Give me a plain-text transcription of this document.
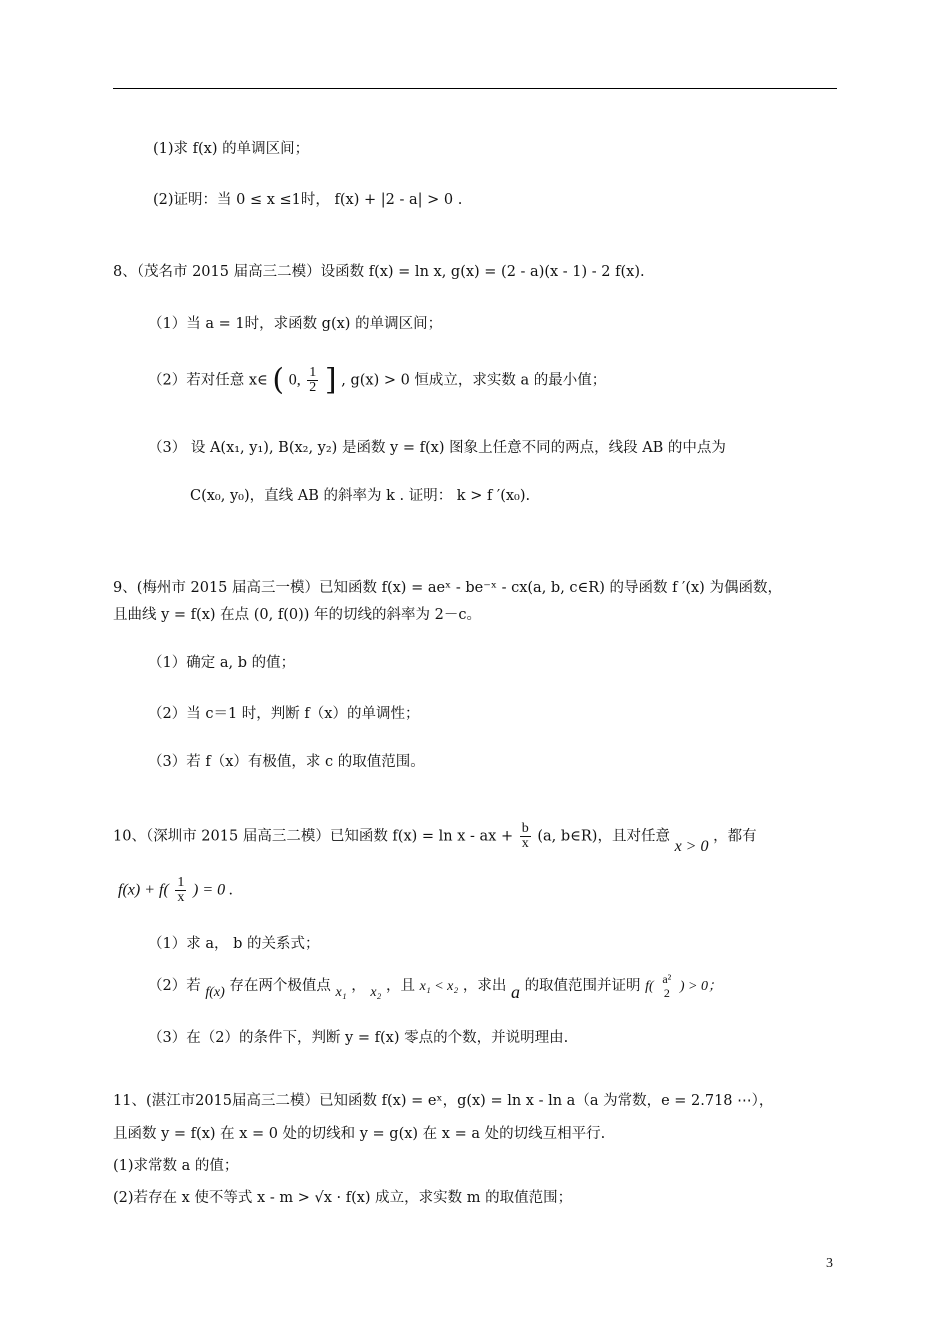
(1)求 f(x) 的单调区间；
(2)证明：当 0 ≤ x ≤1时， f(x) + |2 - a| > 0 .
8、（茂名市 2015 届高三二模）设函数 f(x) = ln x, g(x) = (2 - a)(x - 1) - 2 f(x).
（1）当 a = 1时，求函数 g(x) 的单调区间；
（2）若对任意 x∈ ( 0, $\frac{1}{2}$ ] , g(x) > 0 恒成立，求实数 a 的最小值；
（3） 设 A(x₁, y₁), B(x₂, y₂) 是函数 y = f(x) 图象上任意不同的两点，线段 AB 的中点为
C(x₀, y₀)，直线 AB 的斜率为 k . 证明： k > f ′(x₀).
9、(梅州市 2015 届高三一模）已知函数 f(x) = aeˣ - be⁻ˣ - cx(a, b, c∈R) 的导函数 f ′(x) 为偶函数，
且曲线 y = f(x) 在点 (0, f(0)) 年的切线的斜率为 2－c。
（1）确定 a, b 的值；
（2）当 c＝1 时，判断 f（x）的单调性；
（3）若 f（x）有极值，求 c 的取值范围。
10、（深圳市 2015 届高三二模）已知函数 f(x) = ln x - ax + $\frac{b}{x} (a$, b∈R)，且对任意 x > 0 ，都有
$f(x) + f( \frac{1}{x}$ ) = 0 .
（1）求 a， b 的关系式；
（2）若 f(x) 存在两个极值点 x₁ ， x₂ ，且 x₁ < x₂ ，求出 a 的取值范围并证明 f( a²
2 ) > 0；
（3）在（2）的条件下，判断 y = f(x) 零点的个数，并说明理由.
11、(湛江市2015届高三二模）已知函数 f(x) = eˣ，g(x) = ln x - ln a（a 为常数，e = 2.718 ⋯），
且函数 y = f(x) 在 x = 0 处的切线和 y = g(x) 在 x = a 处的切线互相平行.
(1)求常数 a 的值；
(2)若存在 x 使不等式 x - m > √x · f(x) 成立，求实数 m 的取值范围；
3
